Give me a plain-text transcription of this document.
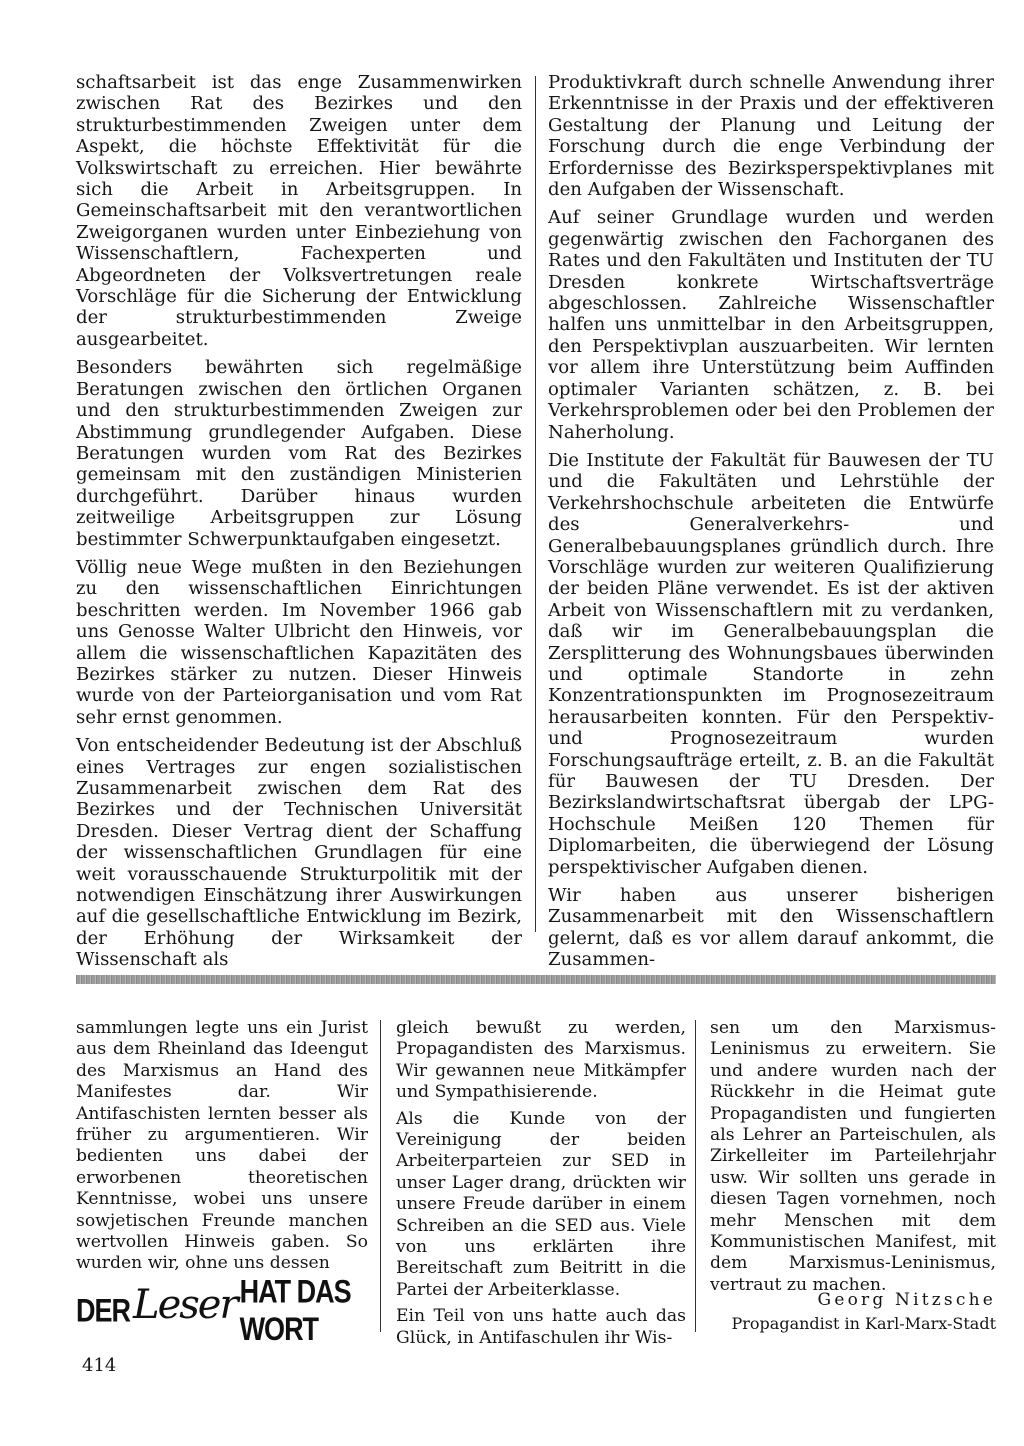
schaftsarbeit ist das enge Zusammenwirken zwischen Rat des Bezirkes und den strukturbestimmenden Zweigen unter dem Aspekt, die höchste Effektivität für die Volkswirtschaft zu erreichen. Hier bewährte sich die Arbeit in Arbeitsgruppen. In Gemeinschaftsarbeit mit den verantwortlichen Zweigorganen wurden unter Einbeziehung von Wissenschaftlern, Fachexperten und Abgeordneten der Volksvertretungen reale Vorschläge für die Sicherung der Entwicklung der strukturbestimmenden Zweige ausgearbeitet.

Besonders bewährten sich regelmäßige Beratungen zwischen den örtlichen Organen und den strukturbestimmenden Zweigen zur Abstimmung grundlegender Aufgaben. Diese Beratungen wurden vom Rat des Bezirkes gemeinsam mit den zuständigen Ministerien durchgeführt. Darüber hinaus wurden zeitweilige Arbeitsgruppen zur Lösung bestimmter Schwerpunktaufgaben eingesetzt.

Völlig neue Wege mußten in den Beziehungen zu den wissenschaftlichen Einrichtungen beschritten werden. Im November 1966 gab uns Genosse Walter Ulbricht den Hinweis, vor allem die wissenschaftlichen Kapazitäten des Bezirkes stärker zu nutzen. Dieser Hinweis wurde von der Parteiorganisation und vom Rat sehr ernst genommen.

Von entscheidender Bedeutung ist der Abschluß eines Vertrages zur engen sozialistischen Zusammenarbeit zwischen dem Rat des Bezirkes und der Technischen Universität Dresden. Dieser Vertrag dient der Schaffung der wissenschaftlichen Grundlagen für eine weit vorausschauende Strukturpolitik mit der notwendigen Einschätzung ihrer Auswirkungen auf die gesellschaftliche Entwicklung im Bezirk, der Erhöhung der Wirksamkeit der Wissenschaft als

Produktivkraft durch schnelle Anwendung ihrer Erkenntnisse in der Praxis und der effektiveren Gestaltung der Planung und Leitung der Forschung durch die enge Verbindung der Erfordernisse des Bezirksperspektivplanes mit den Aufgaben der Wissenschaft.

Auf seiner Grundlage wurden und werden gegenwärtig zwischen den Fachorganen des Rates und den Fakultäten und Instituten der TU Dresden konkrete Wirtschaftsverträge abgeschlossen. Zahlreiche Wissenschaftler halfen uns unmittelbar in den Arbeitsgruppen, den Perspektivplan auszuarbeiten. Wir lernten vor allem ihre Unterstützung beim Auffinden optimaler Varianten schätzen, z. B. bei Verkehrsproblemen oder bei den Problemen der Naherholung.

Die Institute der Fakultät für Bauwesen der TU und die Fakultäten und Lehrstühle der Verkehrshochschule arbeiteten die Entwürfe des Generalverkehrs- und Generalbebauungsplanes gründlich durch. Ihre Vorschläge wurden zur weiteren Qualifizierung der beiden Pläne verwendet. Es ist der aktiven Arbeit von Wissenschaftlern mit zu verdanken, daß wir im Generalbebauungsplan die Zersplitterung des Wohnungsbaues überwinden und optimale Standorte in zehn Konzentrationspunkten im Prognosezeitraum herausarbeiten konnten. Für den Perspektiv- und Prognosezeitraum wurden Forschungsaufträge erteilt, z. B. an die Fakultät für Bauwesen der TU Dresden. Der Bezirkslandwirtschaftsrat übergab der LPG-Hochschule Meißen 120 Themen für Diplomarbeiten, die überwiegend der Lösung perspektivischer Aufgaben dienen.

Wir haben aus unserer bisherigen Zusammenarbeit mit den Wissenschaftlern gelernt, daß es vor allem darauf ankommt, die Zusammen-

sammlungen legte uns ein Jurist aus dem Rheinland das Ideengut des Marxismus an Hand des Manifestes dar. Wir Antifaschisten lernten besser als früher zu argumentieren. Wir bedienten uns dabei der erworbenen theoretischen Kenntnisse, wobei uns unsere sowjetischen Freunde manchen wertvollen Hinweis gaben. So wurden wir, ohne uns dessen

gleich bewußt zu werden, Propagandisten des Marxismus. Wir gewannen neue Mitkämpfer und Sympathisierende.

Als die Kunde von der Vereinigung der beiden Arbeiterparteien zur SED in unser Lager drang, drückten wir unsere Freude darüber in einem Schreiben an die SED aus. Viele von uns erklärten ihre Bereitschaft zum Beitritt in die Partei der Arbeiterklasse.

Ein Teil von uns hatte auch das Glück, in Antifaschulen ihr Wis-

sen um den Marxismus-Leninismus zu erweitern. Sie und andere wurden nach der Rückkehr in die Heimat gute Propagandisten und fungierten als Lehrer an Parteischulen, als Zirkelleiter im Parteilehrjahr usw. Wir sollten uns gerade in diesen Tagen vornehmen, noch mehr Menschen mit dem Kommunistischen Manifest, mit dem Marxismus-Leninismus, vertraut zu machen.

DER Leser HAT DAS WORT

Georg Nitzsche

Propagandist in Karl-Marx-Stadt

414
